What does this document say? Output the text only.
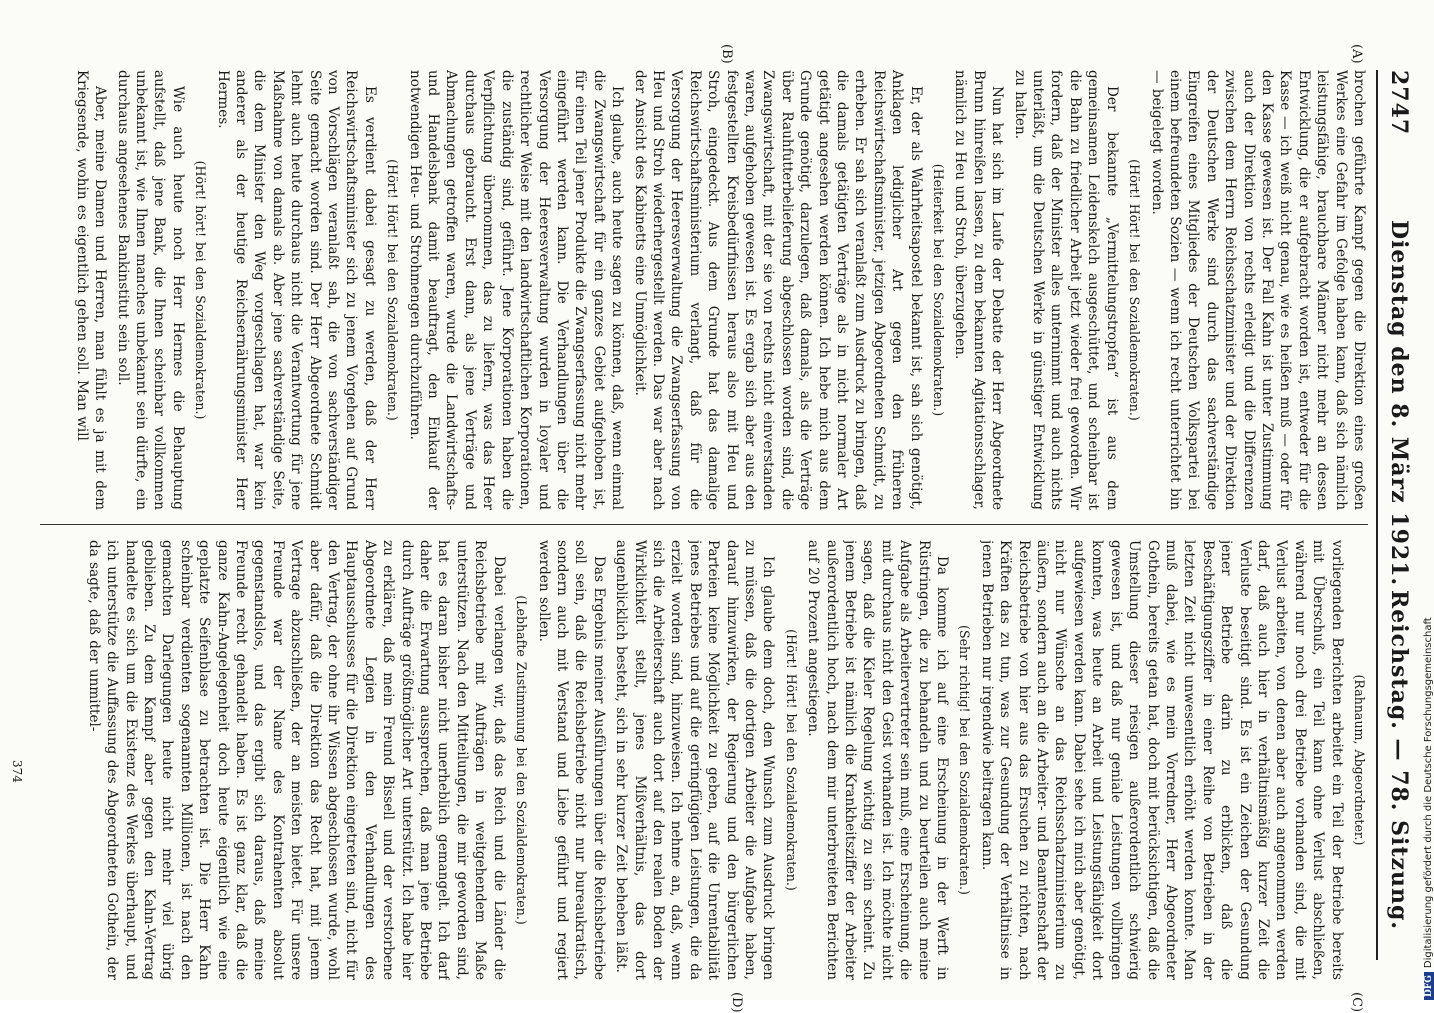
2747
Dienstag den 8. März 1921.
Reichstag. — 78. Sitzung.
(C)
(D)
(A)
(B)

brochen geführte Kampf gegen die Direktion eines großen Werkes eine Gefahr im Gefolge haben kann, daß sich nämlich leistungsfähige, brauchbare Männer nicht mehr an dessen Entwicklung, die er aufgebracht worden ist, entweder für die Kasse — ich weiß nicht genau, wie es heißen muß — oder für den Kasse gewesen ist. Der Fall Kahn ist unter Zustimmung auch der Direktion von rechts erledigt und die Differenzen zwischen dem Herrn Reichsschatzminister und der Direktion der Deutschen Werke sind durch das sachverständige Eingreifen eines Mitgliedes der Deutschen Volkspartei bei einem befreundeten Sozien — wenn ich recht unterrichtet bin — beigelegt worden.

(Hört! Hört! bei den Sozialdemokraten.)

Der bekannte „Vermittelungstropfen“ ist aus dem gemeinsamen Leidenskelch ausgeschüttet, und scheinbar ist die Bahn zu friedlicher Arbeit jetzt wieder frei geworden. Wir fordern, daß der Minister alles unternimmt und auch nichts unterläßt, um die Deutschen Werke in günstiger Entwicklung zu halten.

Nun hat sich im Laufe der Debatte der Herr Abgeordnete Brunn hinreißen lassen, zu dem bekannten Agitationsschlager, nämlich zu Heu und Stroh, überzugehen.

(Heiterkeit bei den Sozialdemokraten.)

Er, der als Wahrheitsapostel bekannt ist, sah sich genötigt, Anklagen lediglicher Art gegen den früheren Reichswirtschaftsminister, jetzigen Abgeordneten Schmidt, zu erheben. Er sah sich veranlaßt zum Ausdruck zu bringen, daß die damals getätigten Verträge als in nicht normaler Art getätigt angesehen werden können. Ich hebe mich aus dem Grunde genötigt, darzulegen, daß damals, als die Verträge über Rauhfutterbelieferung abgeschlossen worden sind, die Zwangswirtschaft, mit der sie von rechts nicht einverstanden waren, aufgehoben gewesen ist. Es ergab sich aber aus den festgestellten Kreisbedürfnissen heraus also mit Heu und Stroh, eingedeckt. Aus dem Grunde hat das damalige Reichswirtschaftsministerium verlangt, daß für die Versorgung der Heeresverwaltung die Zwangserfassung von Heu und Stroh wiederhergestellt werden. Das war aber nach der Ansicht des Kabinetts eine Unmöglichkeit.

Ich glaube, auch heute sagen zu können, daß, wenn einmal die Zwangswirtschaft für ein ganzes Gebiet aufgehoben ist, für einen Teil jener Produkte die Zwangserfassung nicht mehr eingeführt werden kann. Die Verhandlungen über die Versorgung der Heeresverwaltung wurden in loyaler und rechtlicher Weise mit den landwirtschaftlichen Korporationen, die zuständig sind, geführt. Jene Korporationen haben die Verpflichtung übernommen, das zu liefern, was das Heer durchaus gebraucht. Erst dann, als jene Verträge und Abmachungen getroffen waren, wurde die Landwirtschafts- und Handelsbank damit beauftragt, den Einkauf der notwendigen Heu- und Strohmengen durchzuführen.

(Hört! Hört! bei den Sozialdemokraten.)

Es verdient dabei gesagt zu werden, daß der Herr Reichswirtschaftsminister sich zu jenem Vorgehen auf Grund von Vorschlägen veranlaßt sah, die von sachverständiger Seite gemacht worden sind. Der Herr Abgeordnete Schmidt lehnt auch heute durchaus nicht die Verantwortung für jene Maßnahme von damals ab. Aber jene sachverständige Seite, die dem Minister den Weg vorgeschlagen hat, war kein anderer als der heutige Reichsernährungsminister Herr Hermes.

(Hört! hört! bei den Sozialdemokraten.)

Wie auch heute noch Herr Hermes die Behauptung aufstellt, daß jene Bank, die Ihnen scheinbar vollkommen unbekannt ist, wie Ihnen manches unbekannt sein dürfte, ein durchaus angesehenes Bankinstitut sein soll.

Aber, meine Damen und Herren, man fühlt es ja mit dem Kriegsende, wohin es eigentlich gehen soll. Man will

(Rahnaum, Abgeordneter.)

vorliegenden Berichten arbeitet ein Teil der Betriebe bereits mit Überschuß, ein Teil kann ohne Verlust abschließen, während nur noch drei Betriebe vorhanden sind, die mit Verlust arbeiten, von denen aber auch angenommen werden darf, daß auch hier in verhältnismäßig kurzer Zeit die Verluste beseitigt sind. Es ist ein Zeichen der Gesundung jener Betriebe darin zu erblicken, daß die Beschäftigungsziffer in einer Reihe von Betrieben in der letzten Zeit nicht unwesentlich erhöht werden konnte. Man muß dabei, wie es mein Vorredner, Herr Abgeordneter Gothein, bereits getan hat, doch mit berücksichtigen, daß die Umstellung dieser riesigen außerordentlich schwierig gewesen ist, und daß nur geniale Leistungen vollbringen konnten, was heute an Arbeit und Leistungsfähigkeit dort aufgewiesen werden kann. Dabei sehe ich mich aber genötigt, nicht nur Wünsche an das Reichsschatzministerium zu äußern, sondern auch an die Arbeiter- und Beamtenschaft der Reichsbetriebe von hier aus das Ersuchen zu richten, nach Kräften das zu tun, was zur Gesundung der Verhältnisse in jenen Betrieben nur irgendwie beitragen kann.

(Sehr richtig! bei den Sozialdemokraten.)

Da komme ich auf eine Erscheinung in der Werft in Rüstringen, die zu behandeln und zu beurteilen auch meine Aufgabe als Arbeitervertreter sein muß, eine Erscheinung, die mit durchaus nicht den Geist vorhanden ist. Ich möchte nicht sagen, daß die Kieler Regelung wichtig zu sein scheint. Zu jenem Betriebe ist nämlich die Krankheitsziffer der Arbeiter außerordentlich hoch, nach dem mir unterbreiteten Berichten auf 20 Prozent angestiegen.

(Hört! Hört! bei den Sozialdemokraten.)

Ich glaube dem doch, den Wunsch zum Ausdruck bringen zu müssen, daß die dortigen Arbeiter die Aufgabe haben, darauf hinzuwirken, der Regierung und den bürgerlichen Parteien keine Möglichkeit zu geben, auf die Unrentabilität jenes Betriebes und auf die geringfügigen Leistungen, die da erzielt worden sind, hinzuweisen. Ich nehme an, daß, wenn sich die Arbeiterschaft auch dort auf den realen Boden der Wirklichkeit stellt, jenes Mißverhältnis, das dort augenblicklich besteht, sich in sehr kurzer Zeit beheben läßt.

Das Ergebnis meiner Ausführungen über die Reichsbetriebe soll sein, daß die Reichsbetriebe nicht nur bureaukratisch, sondern auch mit Verstand und Liebe geführt und regiert werden sollen.

(Lebhafte Zustimmung bei den Sozialdemokraten.)

Dabei verlangen wir, daß das Reich und die Länder die Reichsbetriebe mit Aufträgen in weitgehendem Maße unterstützen. Nach den Mitteilungen, die mir geworden sind, hat es daran bisher nicht unerheblich gemangelt. Ich darf daher die Erwartung aussprechen, daß man jene Betriebe durch Aufträge größtmöglicher Art unterstützt. Ich habe hier zu erklären, daß mein Freund Bissell und der verstorbene Abgeordnete Legien in den Verhandlungen des Hauptausschusses für die Direktion eingetreten sind, nicht für den Vertrag, der ohne ihr Wissen abgeschlossen wurde, wohl aber dafür, daß die Direktion das Recht hat, mit jenem Vertrage abzuschließen, der an meisten bietet. Für unsere Freunde war der Name des Kontrahenten absolut gegenstandslos, und das ergibt sich daraus, daß meine Freunde recht gehandelt haben. Es ist ganz klar, daß die ganze Kahn-Angelegenheit doch heute eigentlich wie eine geplatzte Seifenblase zu betrachten ist. Die Herr Kahn scheinbar verdienten sogenannten Millionen, ist nach den gemachten Darlegungen heute nicht mehr viel übrig geblieben. Zu dem Kampf aber gegen den Kahn-Vertrag handelte es sich um die Existenz des Werkes überhaupt, und ich unterstütze die Auffassung des Abgeordneten Gothein, der da sagte, daß der unmittel-

374
DFGDigitalisierung gefördert durch die Deutsche Forschungsgemeinschaft
